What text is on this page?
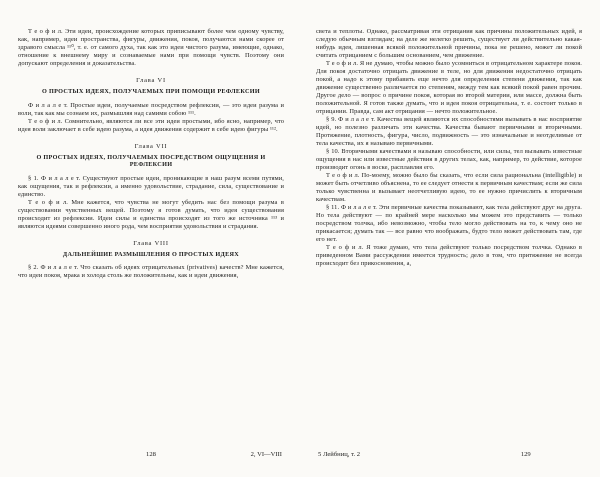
Т е о ф и л. Эти идеи, происхождение которых приписывают более чем одному чувству, как, например, идеи пространства, фигуры, движения, покоя, получаются нами скорее от здравого смысла ¹¹⁰, т. е. от самого духа, так как это идеи чистого разума, имеющие, однако, отношение к внешнему миру и сознаваемые нами при помощи чувств. Поэтому они допускают определения и доказательства.
Глава VI
О ПРОСТЫХ ИДЕЯХ, ПОЛУЧАЕМЫХ ПРИ ПОМОЩИ РЕФЛЕКСИИ
Ф и л а л е т. Простые идеи, получаемые посредством рефлексии, — это идеи разума и воли, так как мы сознаем их, размышляя над самими собою ¹¹¹.
Т е о ф и л. Сомнительно, являются ли все эти идеи простыми, ибо ясно, например, что идея воли заключает в себе идею разума, а идея движения содержит в себе идею фигуры ¹¹².
Глава VII
О ПРОСТЫХ ИДЕЯХ, ПОЛУЧАЕМЫХ ПОСРЕДСТВОМ ОЩУЩЕНИЯ И РЕФЛЕКСИИ
§ 1. Ф и л а л е т. Существуют простые идеи, проникающие в наш разум всеми путями, как ощущения, так и рефлексии, а именно удовольствие, страдание, сила, существование и единство.
Т е о ф и л. Мне кажется, что чувства не могут убедить нас без помощи разума в существовании чувственных вещей. Поэтому я готов думать, что идея существования происходит из рефлексии. Идеи силы и единства происходят из того же источника ¹¹³ и являются идеями совершенно иного рода, чем восприятия удовольствия и страдания.
Глава VIII
ДАЛЬНЕЙШИЕ РАЗМЫШЛЕНИЯ О ПРОСТЫХ ИДЕЯХ
§ 2. Ф и л а л е т. Что сказать об идеях отрицательных (privatives) качеств? Мне кажется, что идеи покоя, мрака и холода столь же положительны, как и идеи движения,
128	2, VI—VIII
света и теплоты. Однако, рассматривая эти отрицания как причины положительных идей, я следую обычным взглядам; на деле же нелегко решить, существует ли действительно какая-нибудь идея, лишенная всякой положительной причины, пока не решено, может ли покой считать отрицанием с большим основанием, чем движение.
Т е о ф и л. Я не думаю, чтобы можно было усомниться в отрицательном характере покоя. Для покоя достаточно отрицать движение в теле, но для движения недостаточно отрицать покой, а надо к этому прибавить еще нечто для определения степени движения, так как движение существенно различается по степеням, между тем как всякий покой равен прочим. Другое дело — вопрос о причине покоя, которая во второй материи, или массе, должна быть положительной. Я готов также думать, что и идея покоя отрицательна, т. е. состоит только в отрицании. Правда, сам акт отрицания — нечто положительное.
§ 9. Ф и л а л е т. Качества вещей являются их способностями вызывать в нас восприятие идей, но полезно различать эти качества. Качества бывают первичными и вторичными. Протяжение, плотность, фигура, число, подвижность — это изначальные и неотделимые от тела качества, их я называю первичными.
§ 10. Вторичными качествами я называю способности, или силы, тел вызывать известные ощущения в нас или известные действия в других телах, как, например, то действие, которое производит огонь в воске, расплавляя его.
Т е о ф и л. По-моему, можно было бы сказать, что если сила рациональна (intelligible) и может быть отчетливо объяснена, то ее следует отнести к первичным качествам; если же сила только чувственна и вызывает неотчетливую идею, то ее нужно причислить к вторичным качествам.
§ 11. Ф и л а л е т. Эти первичные качества показывают, как тела действуют друг на друга. Но тела действуют — по крайней мере насколько мы можем это представить — только посредством толчка, ибо невозможно, чтобы тело могло действовать на то, к чему оно не прикасается; думать так — все равно что воображать, будто тело может действовать там, где его нет.
Т е о ф и л. Я тоже думаю, что тела действуют только посредством толчка. Однако в приведенном Вами рассуждении имеется трудность; дело в том, что притяжение не всегда происходит без прикосновения, а,
5 Лейбниц, т. 2	129
